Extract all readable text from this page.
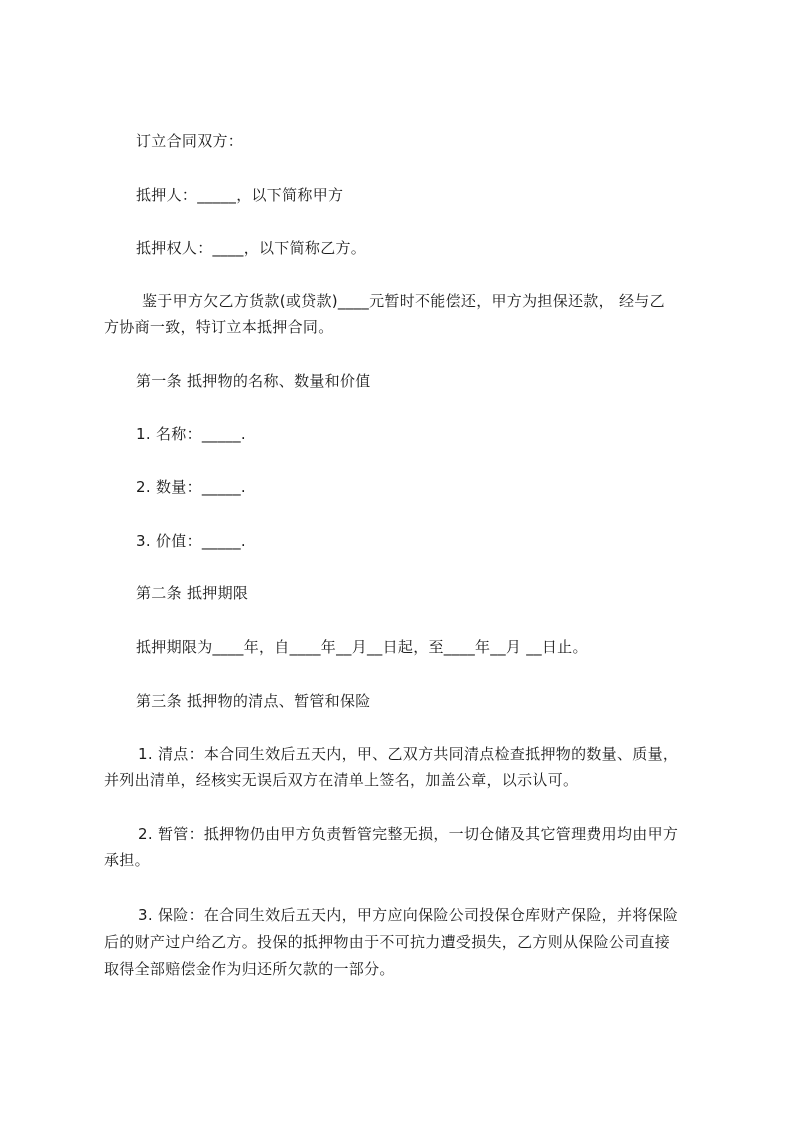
订立合同双方：
抵押人：_____，以下简称甲方
抵押权人：____，以下简称乙方。
鉴于甲方欠乙方货款(或贷款)____元暂时不能偿还，甲方为担保还款， 经与乙
方协商一致，特订立本抵押合同。
第一条 抵押物的名称、数量和价值
1. 名称：_____.
2. 数量：_____.
3. 价值：_____.
第二条 抵押期限
抵押期限为____年，自____年__月__日起，至____年__月 __日止。
第三条 抵押物的清点、暂管和保险
1. 清点：本合同生效后五天内，甲、乙双方共同清点检查抵押物的数量、质量，
并列出清单，经核实无误后双方在清单上签名，加盖公章，以示认可。
2. 暂管：抵押物仍由甲方负责暂管完整无损，一切仓储及其它管理费用均由甲方
承担。
3. 保险：在合同生效后五天内，甲方应向保险公司投保仓库财产保险，并将保险
后的财产过户给乙方。投保的抵押物由于不可抗力遭受损失，乙方则从保险公司直接
取得全部赔偿金作为归还所欠款的一部分。
